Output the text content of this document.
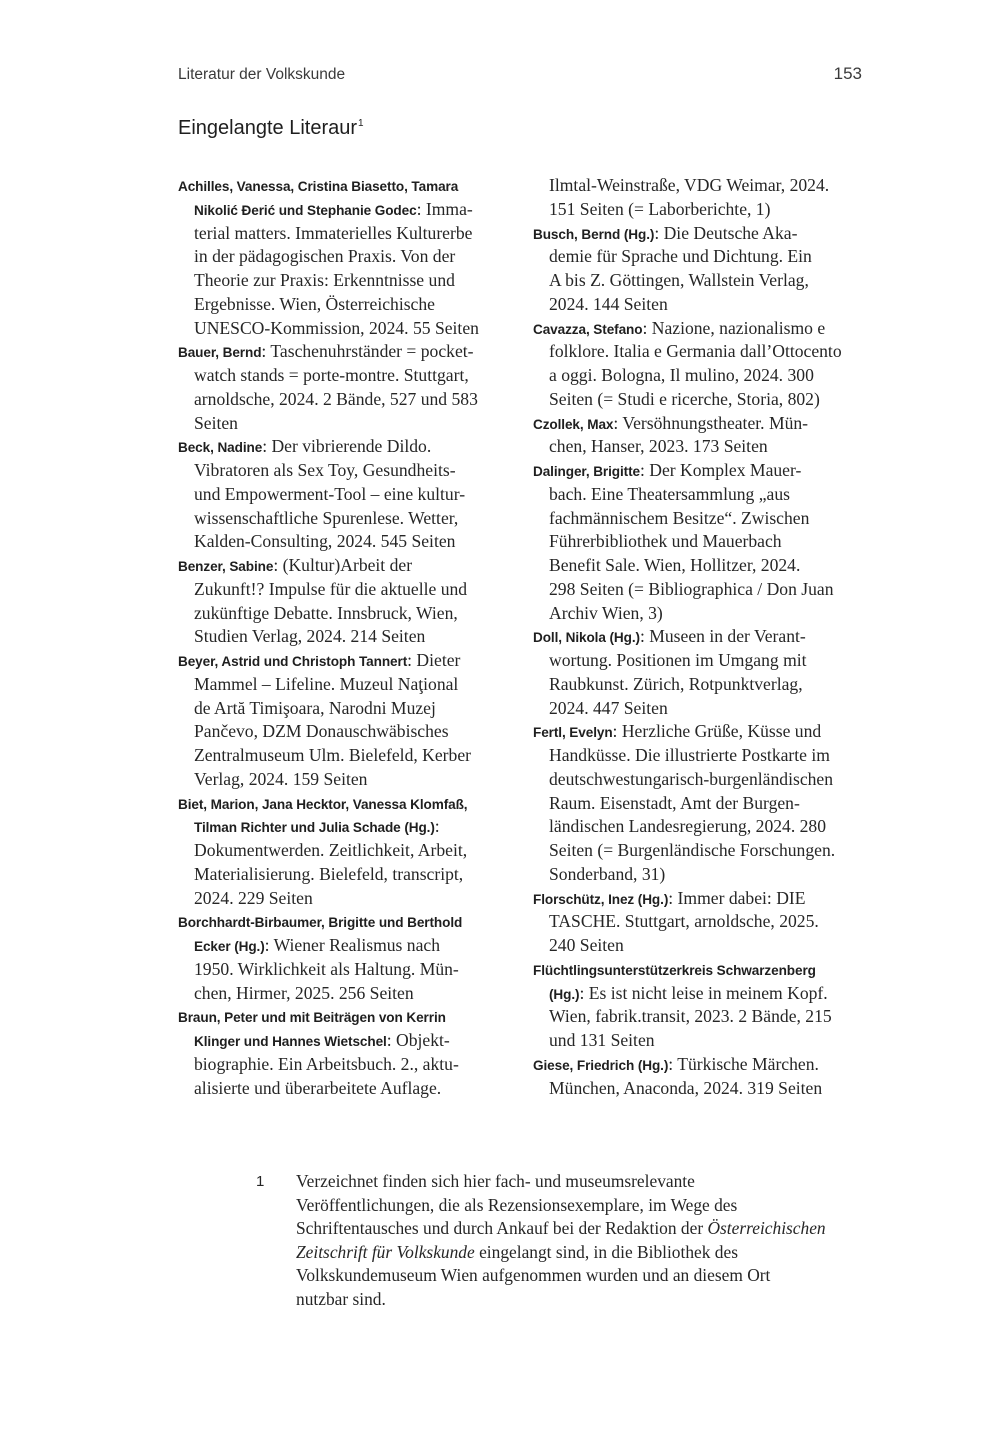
Literatur der Volkskunde	153
Eingelangte Literaur$^1$
Achilles, Vanessa, Cristina Biasetto, Tamara
Nikolić Đerić und Stephanie Godec: Imma-
terial matters. Immaterielles Kulturerbe
in der pädagogischen Praxis. Von der
Theorie zur Praxis: Erkenntnisse und
Ergebnisse. Wien, Österreichische
UNESCO-Kommission, 2024. 55 Seiten
Bauer, Bernd: Taschenuhrständer = pocket-
watch stands = porte-montre. Stuttgart,
arnoldsche, 2024. 2 Bände, 527 und 583
Seiten
Beck, Nadine: Der vibrierende Dildo.
Vibratoren als Sex Toy, Gesundheits-
und Empowerment-Tool – eine kultur-
wissenschaftliche Spurenlese. Wetter,
Kalden-Consulting, 2024. 545 Seiten
Benzer, Sabine: (Kultur)Arbeit der
Zukunft!? Impulse für die aktuelle und
zukünftige Debatte. Innsbruck, Wien,
Studien Verlag, 2024. 214 Seiten
Beyer, Astrid und Christoph Tannert: Dieter
Mammel – Lifeline. Muzeul Naţional
de Artă Timişoara, Narodni Muzej
Pančevo, DZM Donauschwäbisches
Zentralmuseum Ulm. Bielefeld, Kerber
Verlag, 2024. 159 Seiten
Biet, Marion, Jana Hecktor, Vanessa Klomfaß,
Tilman Richter und Julia Schade (Hg.):
Dokumentwerden. Zeitlichkeit, Arbeit,
Materialisierung. Bielefeld, transcript,
2024. 229 Seiten
Borchhardt-Birbaumer, Brigitte und Berthold
Ecker (Hg.): Wiener Realismus nach
1950. Wirklichkeit als Haltung. Mün-
chen, Hirmer, 2025. 256 Seiten
Braun, Peter und mit Beiträgen von Kerrin
Klinger und Hannes Wietschel: Objekt-
biographie. Ein Arbeitsbuch. 2., aktu-
alisierte und überarbeitete Auflage.
Ilmtal-Weinstraße, VDG Weimar, 2024.
151 Seiten (= Laborberichte, 1)
Busch, Bernd (Hg.): Die Deutsche Aka-
demie für Sprache und Dichtung. Ein
A bis Z. Göttingen, Wallstein Verlag,
2024. 144 Seiten
Cavazza, Stefano: Nazione, nazionalismo e
folklore. Italia e Germania dall’Ottocento
a oggi. Bologna, Il mulino, 2024. 300
Seiten (= Studi e ricerche, Storia, 802)
Czollek, Max: Versöhnungstheater. Mün-
chen, Hanser, 2023. 173 Seiten
Dalinger, Brigitte: Der Komplex Mauer-
bach. Eine Theatersammlung „aus
fachmännischem Besitze“. Zwischen
Führerbibliothek und Mauerbach
Benefit Sale. Wien, Hollitzer, 2024.
298 Seiten (= Bibliographica / Don Juan
Archiv Wien, 3)
Doll, Nikola (Hg.): Museen in der Verant-
wortung. Positionen im Umgang mit
Raubkunst. Zürich, Rotpunktverlag,
2024. 447 Seiten
Fertl, Evelyn: Herzliche Grüße, Küsse und
Handküsse. Die illustrierte Postkarte im
deutschwestungarisch-burgenländischen
Raum. Eisenstadt, Amt der Burgen-
ländischen Landesregierung, 2024. 280
Seiten (= Burgenländische Forschungen.
Sonderband, 31)
Florschütz, Inez (Hg.): Immer dabei: DIE
TASCHE. Stuttgart, arnoldsche, 2025.
240 Seiten
Flüchtlingsunterstützerkreis Schwarzenberg
(Hg.): Es ist nicht leise in meinem Kopf.
Wien, fabrik.transit, 2023. 2 Bände, 215
und 131 Seiten
Giese, Friedrich (Hg.): Türkische Märchen.
München, Anaconda, 2024. 319 Seiten
1 Verzeichnet finden sich hier fach- und museumsrelevante
Veröffentlichungen, die als Rezensionsexemplare, im Wege des
Schriftentausches und durch Ankauf bei der Redaktion der Österreichischen
Zeitschrift für Volkskunde eingelangt sind, in die Bibliothek des
Volkskundemuseum Wien aufgenommen wurden und an diesem Ort
nutzbar sind.
